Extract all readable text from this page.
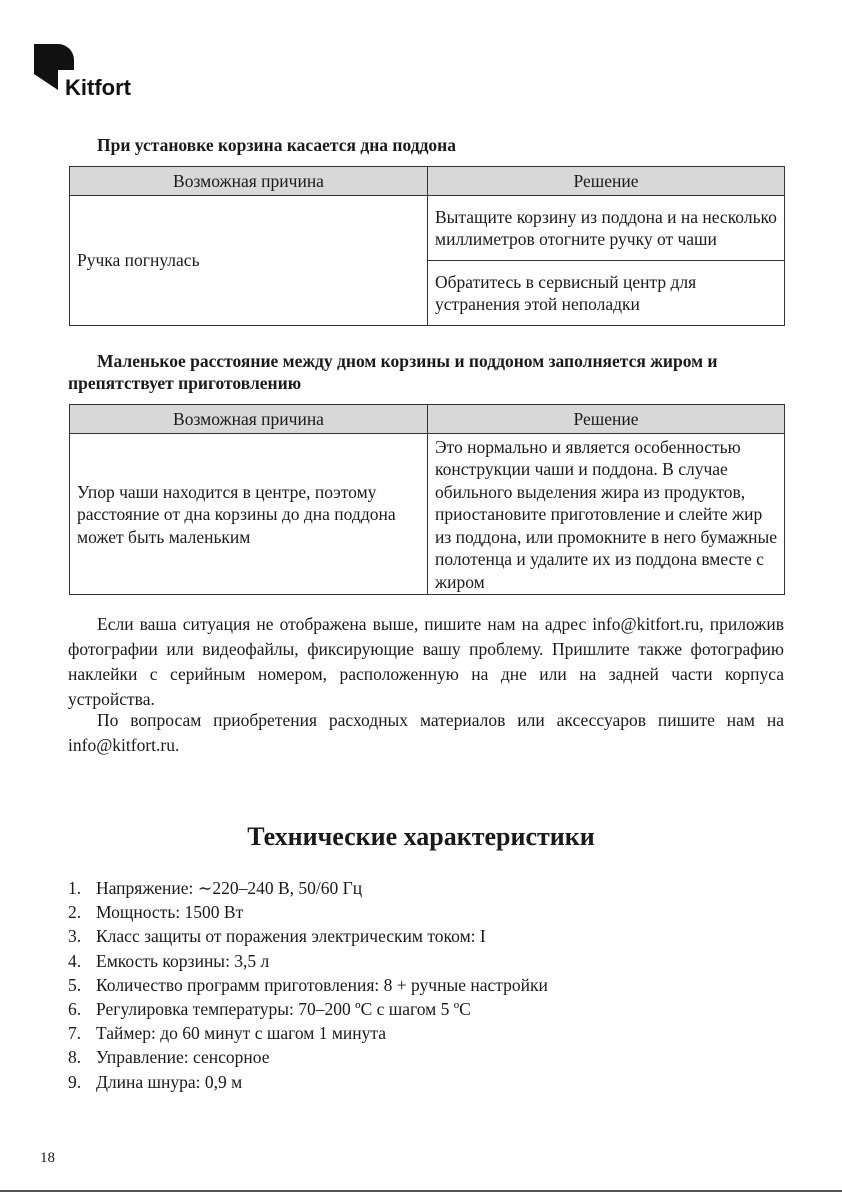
Kitfort

При установке корзина касается дна поддона

Возможная причина	Решение
Ручка погнулась	Вытащите корзину из поддона и на несколько миллиметров отогните ручку от чаши
	Обратитесь в сервисный центр для устранения этой неполадки

Маленькое расстояние между дном корзины и поддоном заполняется жиром и препятствует приготовлению

Возможная причина	Решение
Упор чаши находится в центре, поэтому расстояние от дна корзины до дна поддона может быть маленьким	Это нормально и является особенностью конструкции чаши и поддона. В случае обильного выделения жира из продуктов, приостановите приготовление и слейте жир из поддона, или промокните в него бумажные полотенца и удалите их из поддона вместе с жиром

Если ваша ситуация не отображена выше, пишите нам на адрес info@kitfort.ru, приложив фотографии или видеофайлы, фиксирующие вашу проблему. Пришлите также фотографию наклейки с серийным номером, расположенную на дне или на задней части корпуса устройства.

По вопросам приобретения расходных материалов или аксессуаров пишите нам на info@kitfort.ru.

Технические характеристики
1. Напряжение: ∼220–240 В, 50/60 Гц
2. Мощность: 1500 Вт
3. Класс защиты от поражения электрическим током: I
4. Емкость корзины: 3,5 л
5. Количество программ приготовления: 8 + ручные настройки
6. Регулировка температуры: 70–200 ºC с шагом 5 ºC
7. Таймер: до 60 минут с шагом 1 минута
8. Управление: сенсорное
9. Длина шнура: 0,9 м
18
